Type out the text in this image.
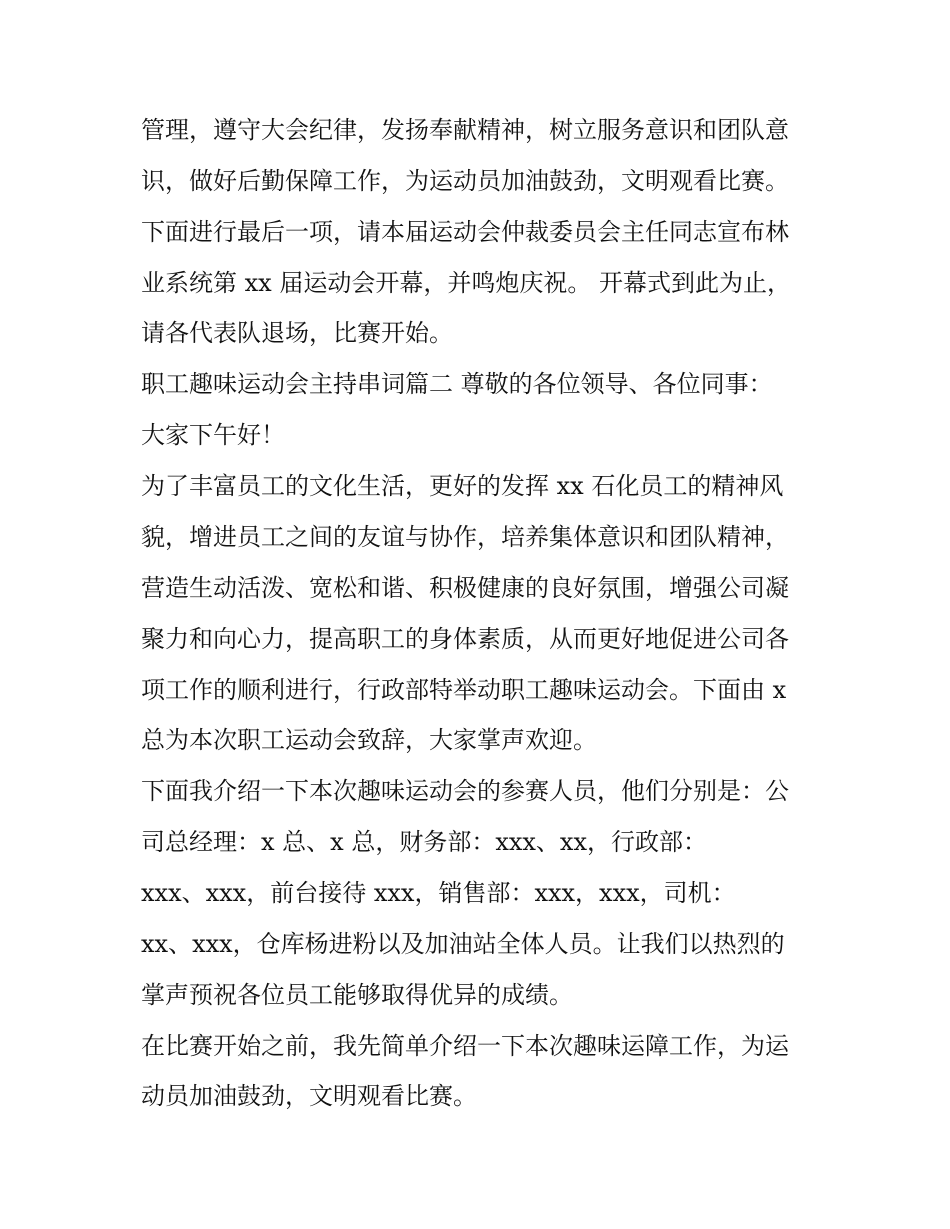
管理，遵守大会纪律，发扬奉献精神，树立服务意识和团队意
识，做好后勤保障工作，为运动员加油鼓劲，文明观看比赛。
下面进行最后一项，请本届运动会仲裁委员会主任同志宣布林
业系统第 xx 届运动会开幕，并鸣炮庆祝。 开幕式到此为止，
请各代表队退场，比赛开始。
职工趣味运动会主持串词篇二 尊敬的各位领导、各位同事：
大家下午好！
为了丰富员工的文化生活，更好的发挥 xx 石化员工的精神风
貌，增进员工之间的友谊与协作，培养集体意识和团队精神，
营造生动活泼、宽松和谐、积极健康的良好氛围，增强公司凝
聚力和向心力，提高职工的身体素质，从而更好地促进公司各
项工作的顺利进行，行政部特举动职工趣味运动会。下面由 x
总为本次职工运动会致辞，大家掌声欢迎。
下面我介绍一下本次趣味运动会的参赛人员，他们分别是：公
司总经理：x 总、x 总，财务部：xxx、xx，行政部：
xxx、xxx，前台接待 xxx，销售部：xxx，xxx，司机：
xx、xxx，仓库杨进粉以及加油站全体人员。让我们以热烈的
掌声预祝各位员工能够取得优异的成绩。
在比赛开始之前，我先简单介绍一下本次趣味运障工作，为运
动员加油鼓劲，文明观看比赛。
